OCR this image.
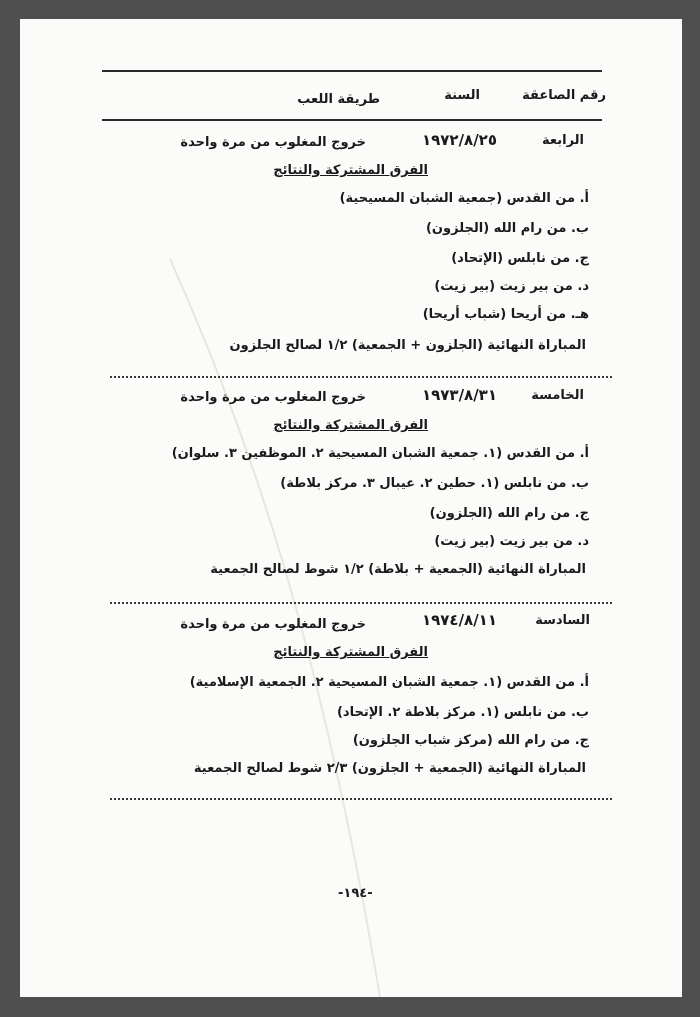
رقم الصاعقة
السنة
طريقة اللعب
الرابعة
١٩٧٢/٨/٢٥
خروج المغلوب من مرة واحدة
الفرق المشتركة والنتائج
أ. من القدس (جمعية الشبان المسيحية)
ب. من رام الله (الجلزون)
ج. من نابلس (الإتحاد)
د. من بير زيت (بير زيت)
هـ. من أريحا (شباب أريحا)
المباراة النهائية (الجلزون + الجمعية) ١/٢ لصالح الجلزون
الخامسة
١٩٧٣/٨/٣١
خروج المغلوب من مرة واحدة
الفرق المشتركة والنتائج
أ. من القدس (١. جمعية الشبان المسيحية ٢. الموظفين ٣. سلوان)
ب. من نابلس (١. حطين ٢. عيبال ٣. مركز بلاطة)
ج. من رام الله (الجلزون)
د. من بير زيت (بير زيت)
المباراة النهائية (الجمعية + بلاطة) ١/٢ شوط لصالح الجمعية
السادسة
١٩٧٤/٨/١١
خروج المغلوب من مرة واحدة
الفرق المشتركة والنتائج
أ. من القدس (١. جمعية الشبان المسيحية ٢. الجمعية الإسلامية)
ب. من نابلس (١. مركز بلاطة ٢. الإتحاد)
ج. من رام الله (مركز شباب الجلزون)
المباراة النهائية (الجمعية + الجلزون) ٢/٣ شوط لصالح الجمعية
-١٩٤-
